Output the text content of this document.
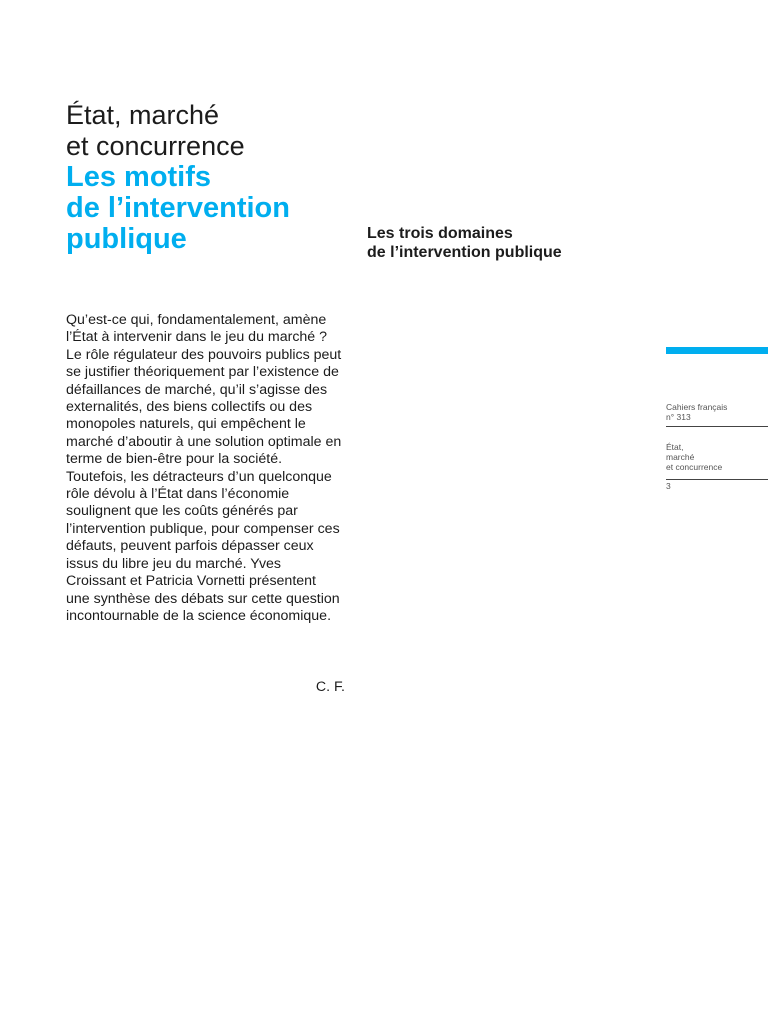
État, marché
et concurrence
Les motifs
de l’intervention
publique	Les trois domaines
de l’intervention publique

Qu’est-ce qui, fondamentalement, amène l’État à intervenir dans le jeu du marché ? Le rôle régulateur des pouvoirs publics peut se justifier théoriquement par l’existence de défaillances de marché, qu’il s’agisse des externalités, des biens collectifs ou des monopoles naturels, qui empêchent le marché d’aboutir à une solution optimale en terme de bien-être pour la société. Toutefois, les détracteurs d’un quelconque rôle dévolu à l’État dans l’économie soulignent que les coûts générés par l’intervention publique, pour compenser ces défauts, peuvent parfois dépasser ceux issus du libre jeu du marché. Yves Croissant et Patricia Vornetti présentent une synthèse des débats sur cette question incontournable de la science économique.

C. F.
Cahiers français
n° 313
État,
marché
et concurrence
3
